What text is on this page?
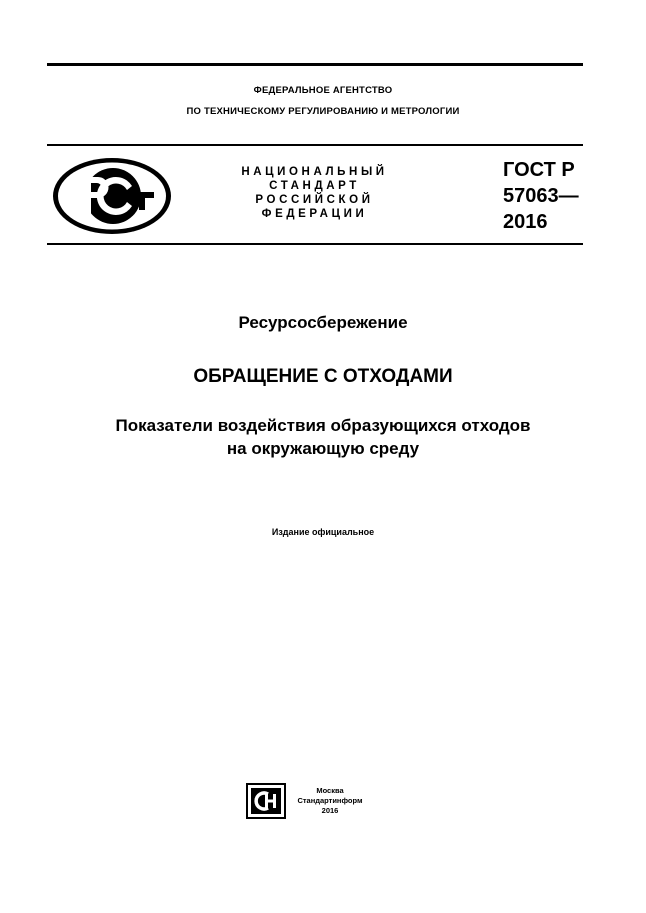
ФЕДЕРАЛЬНОЕ АГЕНТСТВО
ПО ТЕХНИЧЕСКОМУ РЕГУЛИРОВАНИЮ И МЕТРОЛОГИИ
НАЦИОНАЛЬНЫЙ
СТАНДАРТ
РОССИЙСКОЙ
ФЕДЕРАЦИИ
ГОСТ Р
57063—
2016
Ресурсосбережение
ОБРАЩЕНИЕ С ОТХОДАМИ
Показатели воздействия образующихся отходов
на окружающую среду
Издание официальное
Москва
Стандартинформ
2016
